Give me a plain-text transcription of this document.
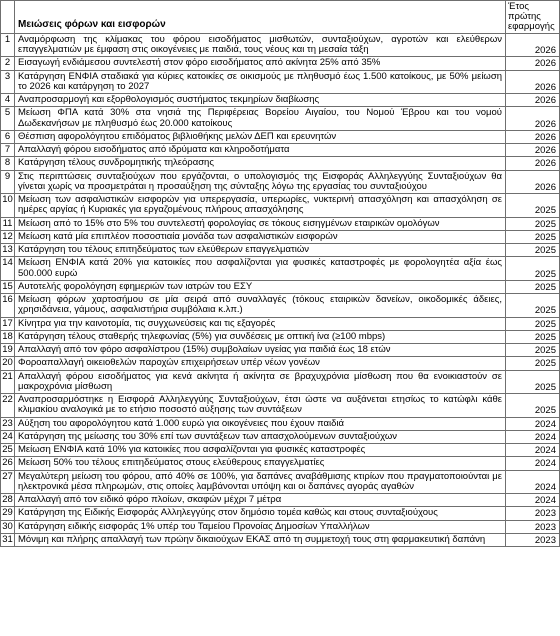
	Μειώσεις φόρων και εισφορών	Έτος πρώτης εφαρμογής
1	Αναμόρφωση της κλίμακας του φόρου εισοδήματος μισθωτών, συνταξιούχων, αγροτών και ελεύθερων επαγγελματιών με έμφαση στις οικογένειες με παιδιά, τους νέους και τη μεσαία τάξη	2026
2	Εισαγωγή ενδιάμεσου συντελεστή στον φόρο εισοδήματος από ακίνητα 25% από 35%	2026
3	Κατάργηση ΕΝΦΙΑ σταδιακά για κύριες κατοικίες σε οικισμούς με πληθυσμό έως 1.500 κατοίκους, με 50% μείωση το 2026 και κατάργηση το 2027	2026
4	Αναπροσαρμογή και εξορθολογισμός συστήματος τεκμηρίων διαβίωσης	2026
5	Μείωση ΦΠΑ κατά 30% στα νησιά της Περιφέρειας Βορείου Αιγαίου, του Νομού Έβρου και του νομού Δωδεκανήσων με πληθυσμό έως 20.000 κατοίκους	2026
6	Θέσπιση αφορολόγητου επιδόματος βιβλιοθήκης μελών ΔΕΠ και ερευνητών	2026
7	Απαλλαγή φόρου εισοδήματος από ιδρύματα και κληροδοτήματα	2026
8	Κατάργηση τέλους συνδρομητικής τηλεόρασης	2026
9	Στις περιπτώσεις συνταξιούχων που εργάζονται, ο υπολογισμός της Εισφοράς Αλληλεγγύης Συνταξιούχων θα γίνεται χωρίς να προσμετράται η προσαύξηση της σύνταξης λόγω της εργασίας του συνταξιούχου	2026
10	Μείωση των ασφαλιστικών εισφορών για υπερεργασία, υπερωρίες, νυκτερινή απασχόληση και απασχόληση σε ημέρες αργίας ή Κυριακές για εργαζομένους πλήρους απασχόλησης	2025
11	Μείωση από το 15% στο 5% του συντελεστή φορολογίας σε τόκους εισηγμένων εταιρικών ομολόγων	2025
12	Μείωση κατά μία επιπλέον ποσοστιαία μονάδα των ασφαλιστικών εισφορών	2025
13	Κατάργηση του τέλους επιτηδεύματος των ελεύθερων επαγγελματιών	2025
14	Μείωση ΕΝΦΙΑ κατά 20% για κατοικίες που ασφαλίζονται για φυσικές καταστροφές με φορολογητέα αξία έως 500.000 ευρώ	2025
15	Αυτοτελής φορολόγηση εφημεριών των ιατρών του ΕΣΥ	2025
16	Μείωση φόρων χαρτοσήμου σε μία σειρά από συναλλαγές (τόκους εταιρικών δανείων, οικοδομικές άδειες, χρησιδάνεια, γάμους, ασφαλιστήρια συμβόλαια κ.λπ.)	2025
17	Κίνητρα για την καινοτομία, τις συγχωνεύσεις και τις εξαγορές	2025
18	Κατάργηση τέλους σταθερής τηλεφωνίας (5%) για συνδέσεις με οπτική ίνα (≥100 mbps)	2025
19	Απαλλαγή από τον φόρο ασφαλίστρου (15%) συμβολαίων υγείας για παιδιά έως 18 ετών	2025
20	Φοροαπαλλαγή οικειοθελών παροχών επιχειρήσεων υπέρ νέων γονέων	2025
21	Απαλλαγή φόρου εισοδήματος για κενά ακίνητα ή ακίνητα σε βραχυχρόνια μίσθωση που θα ενοικιαστούν σε μακροχρόνια μίσθωση	2025
22	Αναπροσαρμόστηκε η Εισφορά Αλληλεγγύης Συνταξιούχων, έτσι ώστε να αυξάνεται ετησίως το κατώφλι κάθε κλιμακίου αναλογικά με το ετήσιο ποσοστό αύξησης των συντάξεων	2025
23	Αύξηση του αφορολόγητου κατά 1.000 ευρώ για οικογένειες που έχουν παιδιά	2024
24	Κατάργηση της μείωσης του 30% επί των συντάξεων των απασχολούμενων συνταξιούχων	2024
25	Μείωση ΕΝΦΙΑ κατά 10% για κατοικίες που ασφαλίζονται για φυσικές καταστροφές	2024
26	Μείωση 50% του τέλους επιτηδεύματος στους ελεύθερους επαγγελματίες	2024
27	Μεγαλύτερη μείωση του φόρου, από 40% σε 100%, για δαπάνες αναβάθμισης κτιρίων που πραγματοποιούνται με ηλεκτρονικά μέσα πληρωμών, στις οποίες λαμβάνονται υπόψη και οι δαπάνες αγοράς αγαθών	2024
28	Απαλλαγή από τον ειδικό φόρο πλοίων, σκαφών μέχρι 7 μέτρα	2024
29	Κατάργηση της Ειδικής Εισφοράς Αλληλεγγύης στον δημόσιο τομέα καθώς και στους συνταξιούχους	2023
30	Κατάργηση ειδικής εισφοράς 1% υπέρ του Ταμείου Προνοίας Δημοσίων Υπαλλήλων	2023
31	Μόνιμη και πλήρης απαλλαγή των πρώην δικαιούχων ΕΚΑΣ από τη συμμετοχή τους στη φαρμακευτική δαπάνη	2023
